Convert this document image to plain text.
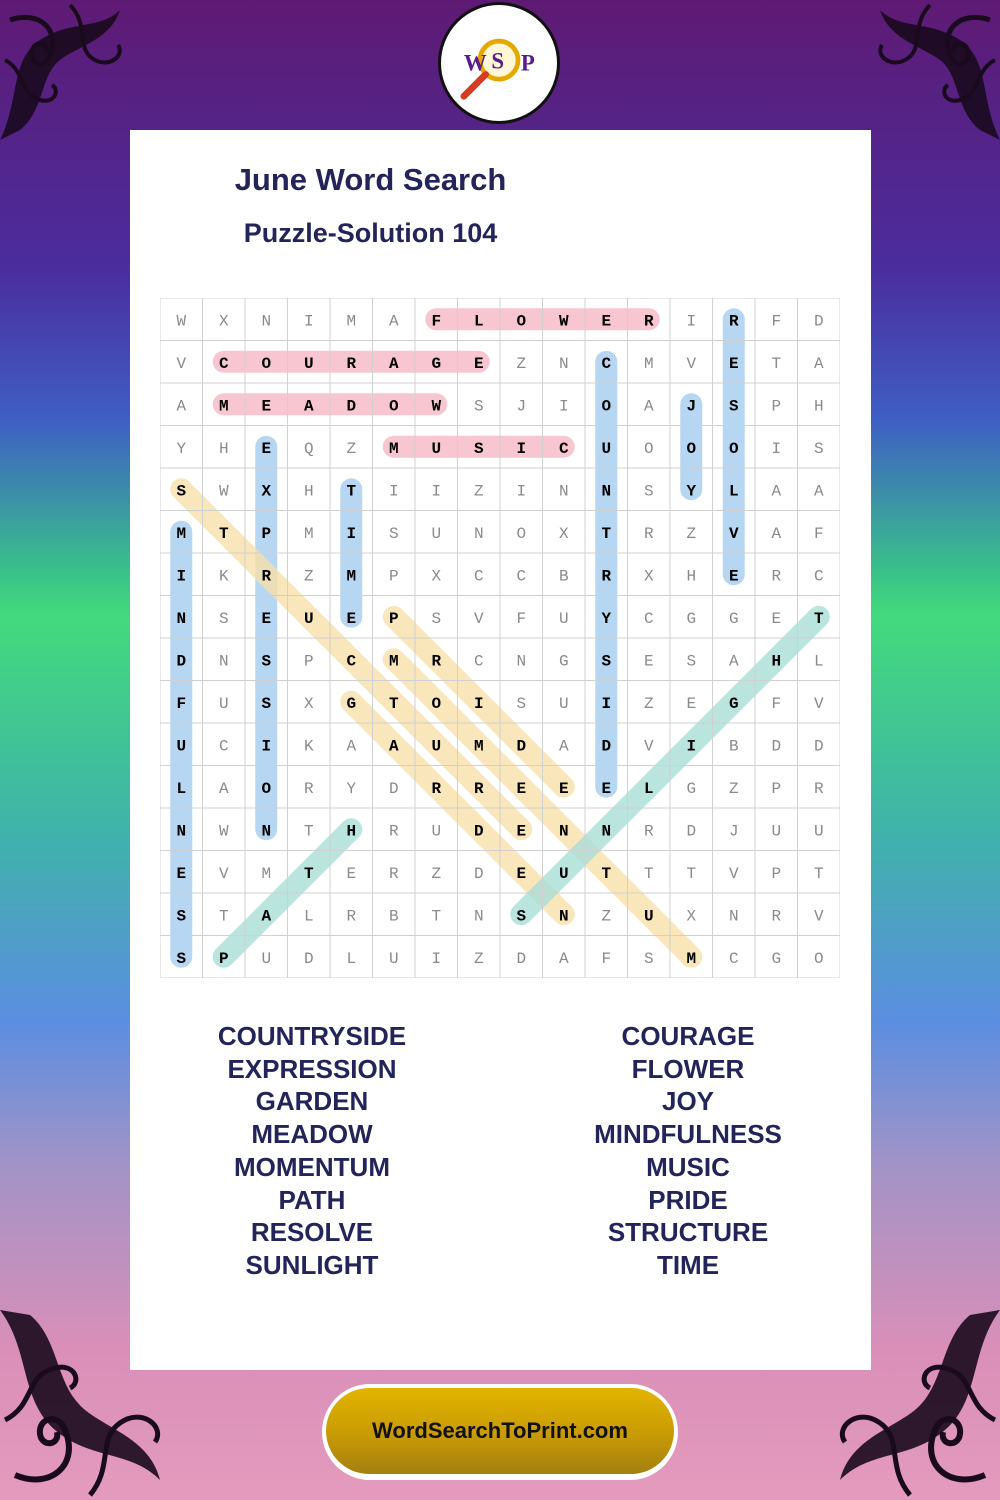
W S P
June Word Search
Puzzle-Solution 104
W X N I M A F L O W E R I R F D
V C O U R A G E Z N C M V E T A
A M E A D O W S J I O A J S P H
Y H E Q Z M U S I C U O O O I S
S W X H T I I Z I N N S Y L A A
M T P M I S U N O X T R Z V A F
I K R Z M P X C C B R X H E R C
N S E U E P S V F U Y C G G E T
D N S P C M R C N G S E S A H L
F U S X G T O I S U I Z E G F V
U C I K A A U M D A D V I B D D
L A O R Y D R R E E E L G Z P R
N W N T H R U D E N N R D J U U
E V M T E R Z D E U T T T V P T
S T A L R B T N S N Z U X N R V
S P U D L U I Z D A F S M C G O
COUNTRYSIDE
EXPRESSION
GARDEN
MEADOW
MOMENTUM
PATH
RESOLVE
SUNLIGHT
COURAGE
FLOWER
JOY
MINDFULNESS
MUSIC
PRIDE
STRUCTURE
TIME
WordSearchToPrint.com
